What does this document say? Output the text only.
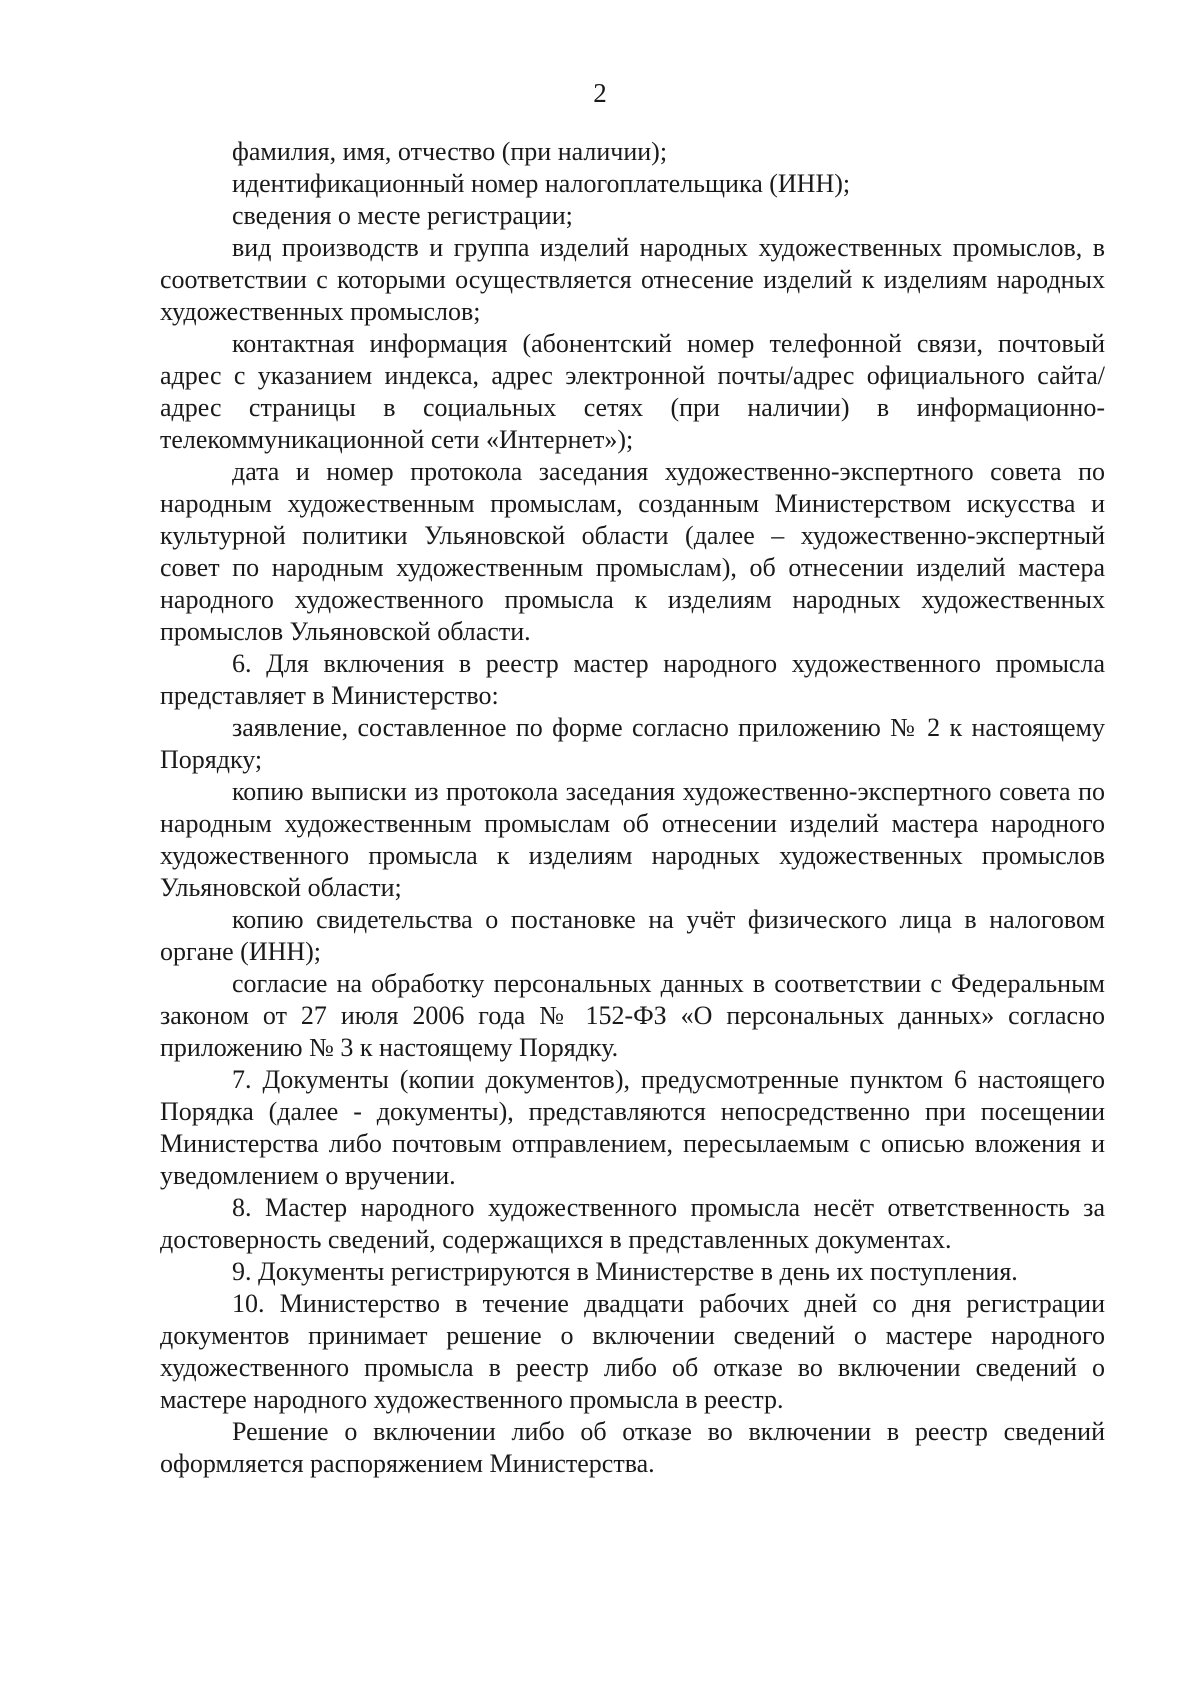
2

фамилия, имя, отчество (при наличии);

идентификационный номер налогоплательщика (ИНН);

сведения о месте регистрации;

вид производств и группа изделий народных художественных промыслов, в соответствии с которыми осуществляется отнесение изделий к изделиям народных художественных промыслов;

контактная информация (абонентский номер телефонной связи, почтовый адрес с указанием индекса, адрес электронной почты/адрес официального сайта/адрес страницы в социальных сетях (при наличии) в информационно-телекоммуникационной сети «Интернет»);

дата и номер протокола заседания художественно-экспертного совета по народным художественным промыслам, созданным Министерством искусства и культурной политики Ульяновской области (далее – художественно-экспертный совет по народным художественным промыслам), об отнесении изделий мастера народного художественного промысла к изделиям народных художественных промыслов Ульяновской области.

6. Для включения в реестр мастер народного художественного промысла представляет в Министерство:

заявление, составленное по форме согласно приложению № 2 к настоящему Порядку;

копию выписки из протокола заседания художественно-экспертного совета по народным художественным промыслам об отнесении изделий мастера народного художественного промысла к изделиям народных художественных промыслов Ульяновской области;

копию свидетельства о постановке на учёт физического лица в налоговом органе (ИНН);

согласие на обработку персональных данных в соответствии с Федеральным законом от 27 июля 2006 года № 152-ФЗ «О персональных данных» согласно приложению № 3 к настоящему Порядку.

7. Документы (копии документов), предусмотренные пунктом 6 настоящего Порядка (далее - документы), представляются непосредственно при посещении Министерства либо почтовым отправлением, пересылаемым с описью вложения и уведомлением о вручении.

8. Мастер народного художественного промысла несёт ответственность за достоверность сведений, содержащихся в представленных документах.

9. Документы регистрируются в Министерстве в день их поступления.

10. Министерство в течение двадцати рабочих дней со дня регистрации документов принимает решение о включении сведений о мастере народного художественного промысла в реестр либо об отказе во включении сведений о мастере народного художественного промысла в реестр.

Решение о включении либо об отказе во включении в реестр сведений оформляется распоряжением Министерства.
